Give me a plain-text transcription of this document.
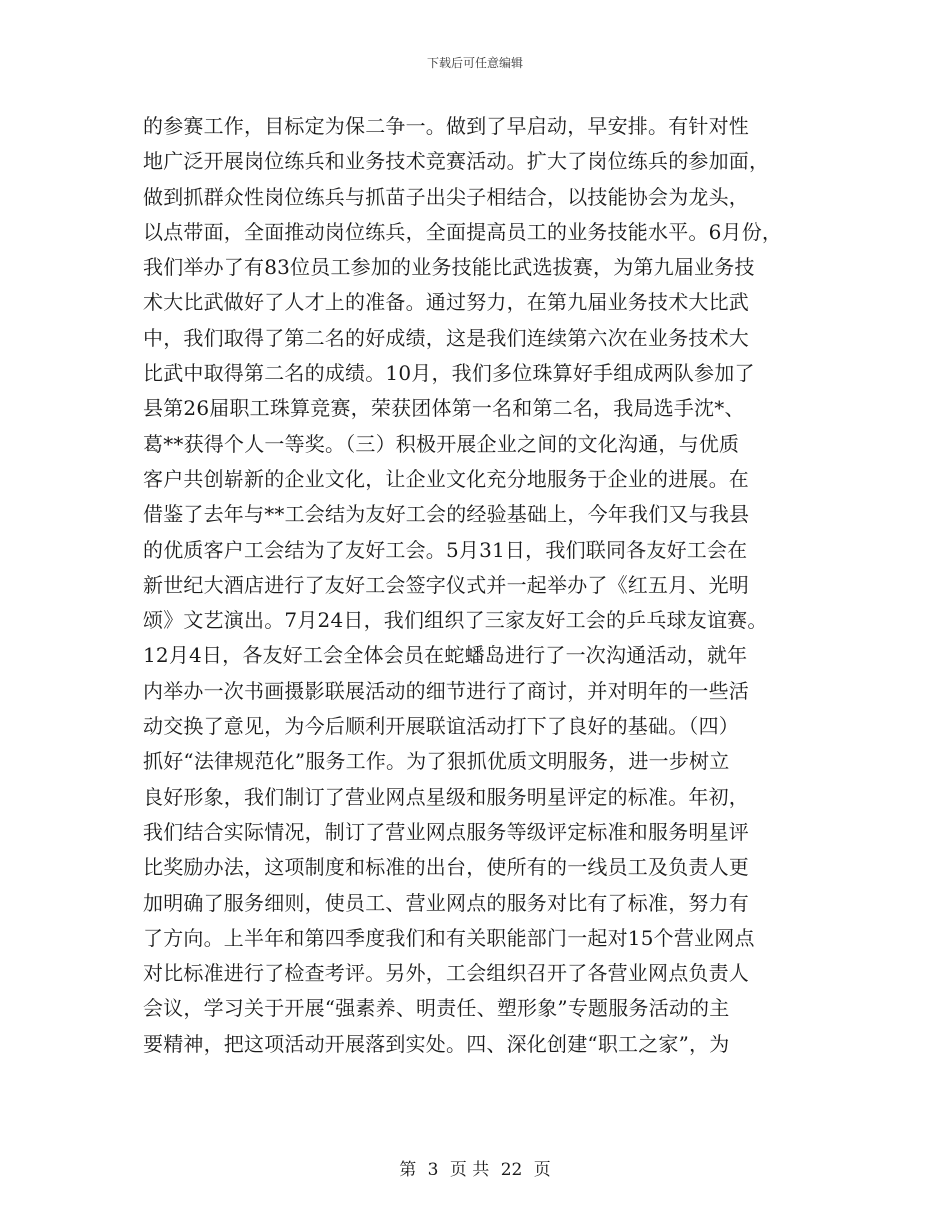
下载后可任意编辑
的参赛工作，目标定为保二争一。做到了早启动，早安排。有针对性
地广泛开展岗位练兵和业务技术竞赛活动。扩大了岗位练兵的参加面，
做到抓群众性岗位练兵与抓苗子出尖子相结合，以技能协会为龙头，
以点带面，全面推动岗位练兵，全面提高员工的业务技能水平。6月份，
我们举办了有83位员工参加的业务技能比武选拔赛，为第九届业务技
术大比武做好了人才上的准备。通过努力，在第九届业务技术大比武
中，我们取得了第二名的好成绩，这是我们连续第六次在业务技术大
比武中取得第二名的成绩。10月，我们多位珠算好手组成两队参加了
县第26届职工珠算竞赛，荣获团体第一名和第二名，我局选手沈*、
葛**获得个人一等奖。（三）积极开展企业之间的文化沟通，与优质
客户共创崭新的企业文化，让企业文化充分地服务于企业的进展。在
借鉴了去年与**工会结为友好工会的经验基础上，今年我们又与我县
的优质客户工会结为了友好工会。5月31日，我们联同各友好工会在
新世纪大酒店进行了友好工会签字仪式并一起举办了《红五月、光明
颂》文艺演出。7月24日，我们组织了三家友好工会的乒乓球友谊赛。
12月4日，各友好工会全体会员在蛇蟠岛进行了一次沟通活动，就年
内举办一次书画摄影联展活动的细节进行了商讨，并对明年的一些活
动交换了意见，为今后顺利开展联谊活动打下了良好的基础。（四）
抓好“法律规范化”服务工作。为了狠抓优质文明服务，进一步树立
良好形象，我们制订了营业网点星级和服务明星评定的标准。年初，
我们结合实际情况，制订了营业网点服务等级评定标准和服务明星评
比奖励办法，这项制度和标准的出台，使所有的一线员工及负责人更
加明确了服务细则，使员工、营业网点的服务对比有了标准，努力有
了方向。上半年和第四季度我们和有关职能部门一起对15个营业网点
对比标准进行了检查考评。另外，工会组织召开了各营业网点负责人
会议，学习关于开展“强素养、明责任、塑形象”专题服务活动的主
要精神，把这项活动开展落到实处。四、深化创建“职工之家”，为
第 3 页 共 22 页
